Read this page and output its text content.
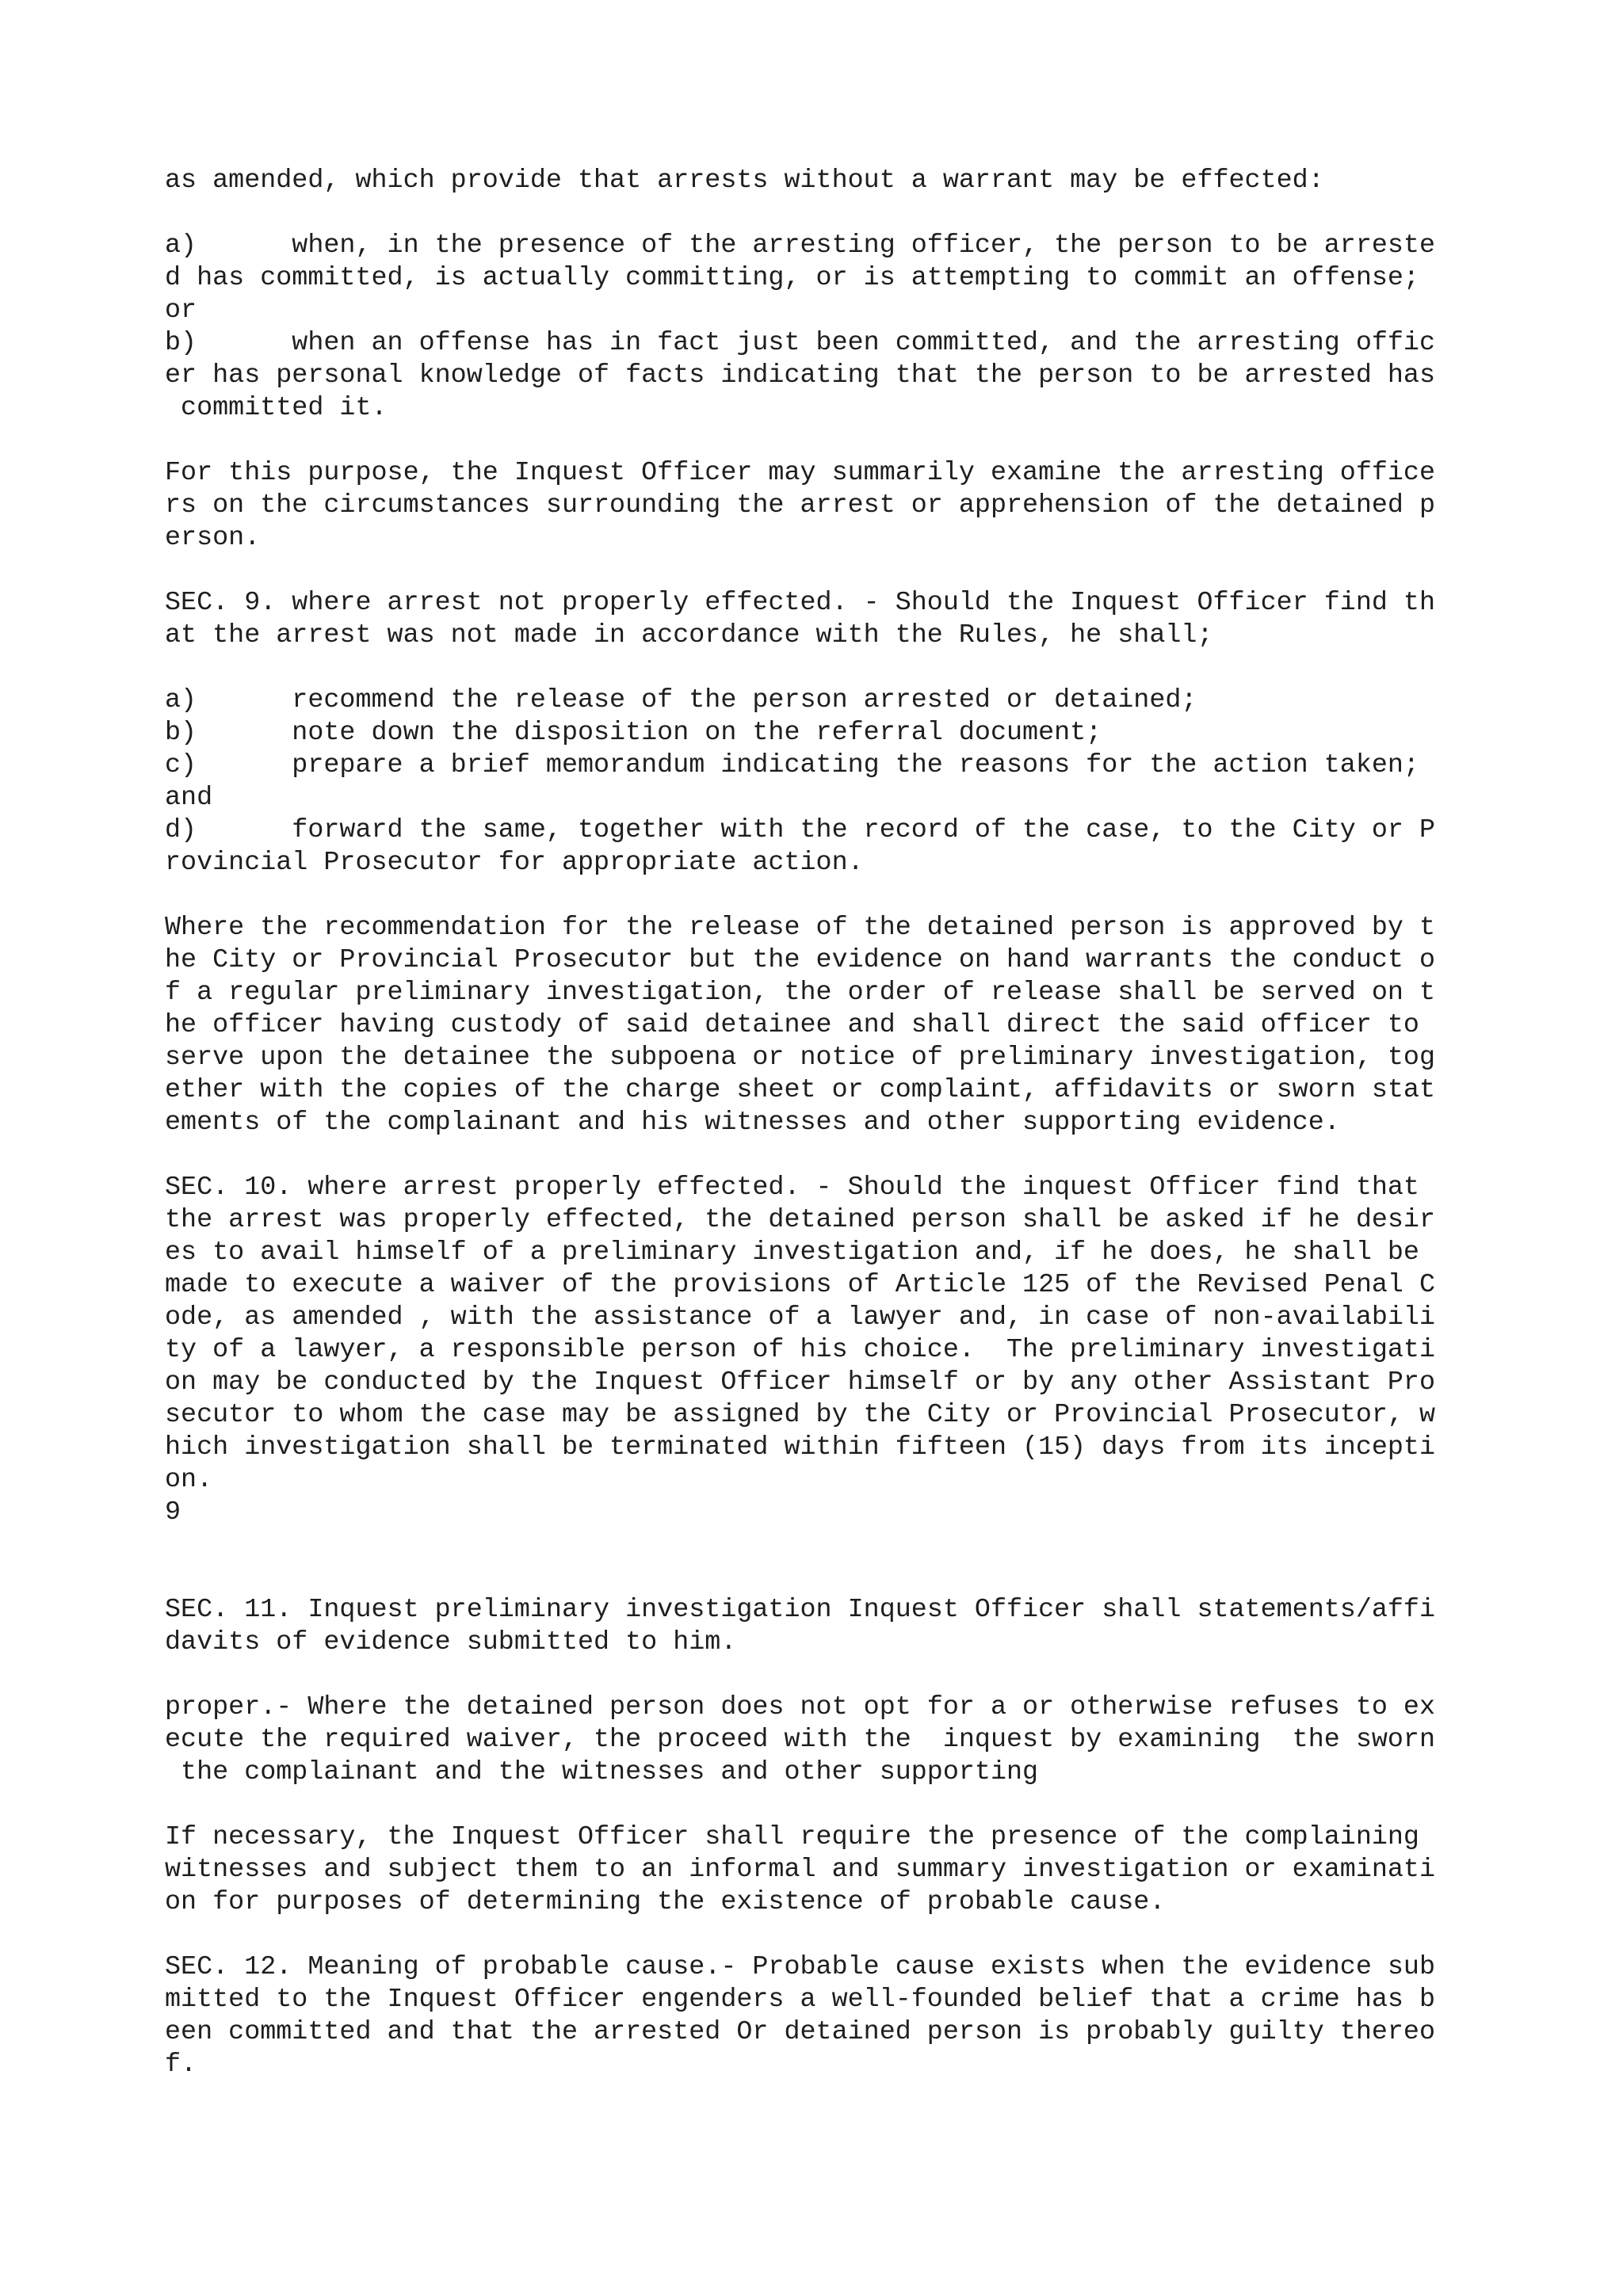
as amended, which provide that arrests without a warrant may be effected:
a)      when, in the presence of the arresting officer, the person to be arreste
d has committed, is actually committing, or is attempting to commit an offense;
or
b)      when an offense has in fact just been committed, and the arresting offic
er has personal knowledge of facts indicating that the person to be arrested has
committed it.
For this purpose, the Inquest Officer may summarily examine the arresting office
rs on the circumstances surrounding the arrest or apprehension of the detained p
erson.
SEC. 9. where arrest not properly effected. - Should the Inquest Officer find th
at the arrest was not made in accordance with the Rules, he shall;
a)      recommend the release of the person arrested or detained;
b)      note down the disposition on the referral document;
c)      prepare a brief memorandum indicating the reasons for the action taken;
and
d)      forward the same, together with the record of the case, to the City or P
rovincial Prosecutor for appropriate action.
Where the recommendation for the release of the detained person is approved by t
he City or Provincial Prosecutor but the evidence on hand warrants the conduct o
f a regular preliminary investigation, the order of release shall be served on t
he officer having custody of said detainee and shall direct the said officer to
serve upon the detainee the subpoena or notice of preliminary investigation, tog
ether with the copies of the charge sheet or complaint, affidavits or sworn stat
ements of the complainant and his witnesses and other supporting evidence.
SEC. 10. where arrest properly effected. - Should the inquest Officer find that
the arrest was properly effected, the detained person shall be asked if he desir
es to avail himself of a preliminary investigation and, if he does, he shall be
made to execute a waiver of the provisions of Article 125 of the Revised Penal C
ode, as amended , with the assistance of a lawyer and, in case of non-availabili
ty of a lawyer, a responsible person of his choice.  The preliminary investigati
on may be conducted by the Inquest Officer himself or by any other Assistant Pro
secutor to whom the case may be assigned by the City or Provincial Prosecutor, w
hich investigation shall be terminated within fifteen (15) days from its incepti
on.
9
SEC. 11. Inquest preliminary investigation Inquest Officer shall statements/affi
davits of evidence submitted to him.
proper.- Where the detained person does not opt for a or otherwise refuses to ex
ecute the required waiver, the proceed with the  inquest by examining  the sworn
the complainant and the witnesses and other supporting
If necessary, the Inquest Officer shall require the presence of the complaining
witnesses and subject them to an informal and summary investigation or examinati
on for purposes of determining the existence of probable cause.
SEC. 12. Meaning of probable cause.- Probable cause exists when the evidence sub
mitted to the Inquest Officer engenders a well-founded belief that a crime has b
een committed and that the arrested Or detained person is probably guilty thereo
f.
